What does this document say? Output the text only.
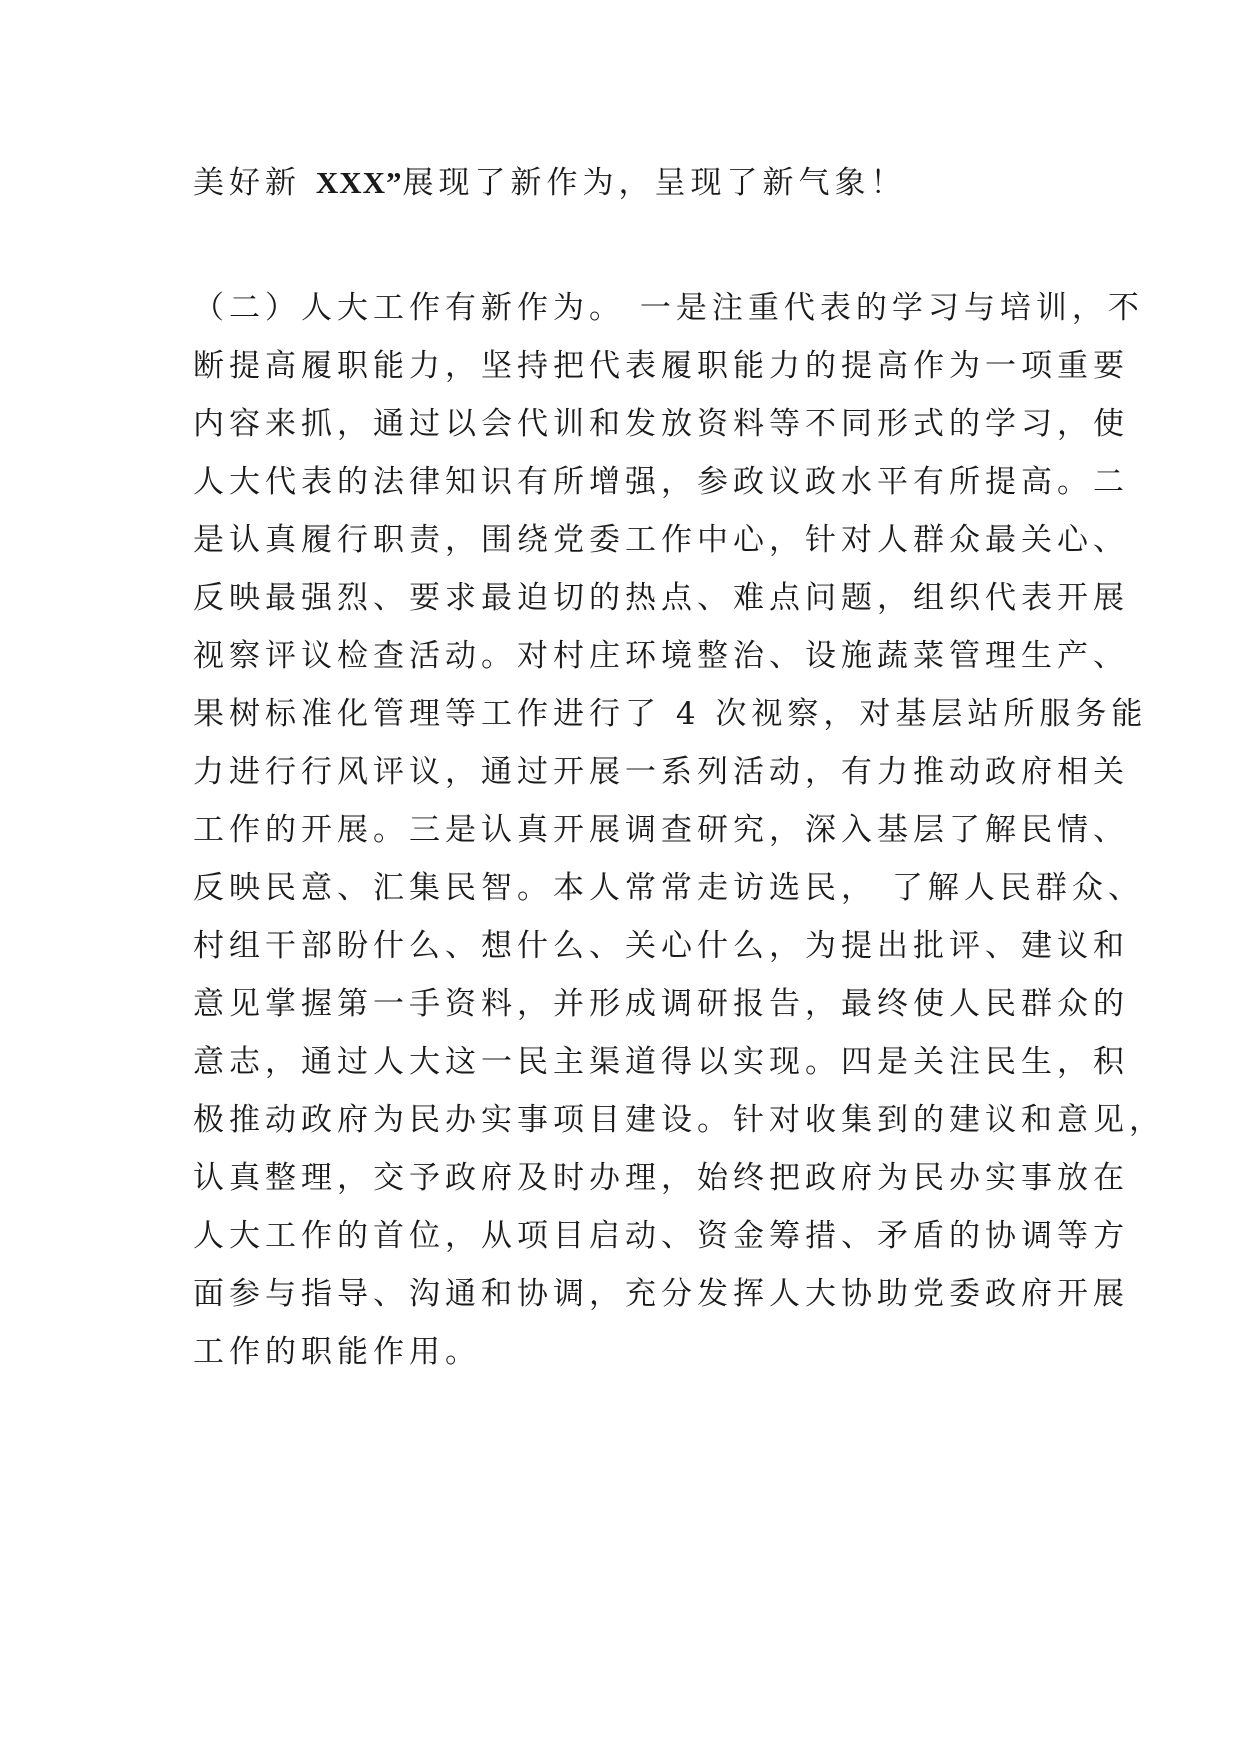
美好新 XXX”展现了新作为，呈现了新气象！
（二）人大工作有新作为。 一是注重代表的学习与培训，不
断提高履职能力，坚持把代表履职能力的提高作为一项重要
内容来抓，通过以会代训和发放资料等不同形式的学习，使
人大代表的法律知识有所增强，参政议政水平有所提高。二
是认真履行职责，围绕党委工作中心，针对人群众最关心、
反映最强烈、要求最迫切的热点、难点问题，组织代表开展
视察评议检查活动。对村庄环境整治、设施蔬菜管理生产、
果树标准化管理等工作进行了 4 次视察，对基层站所服务能
力进行行风评议，通过开展一系列活动，有力推动政府相关
工作的开展。三是认真开展调查研究，深入基层了解民情、
反映民意、汇集民智。本人常常走访选民， 了解人民群众、
村组干部盼什么、想什么、关心什么，为提出批评、建议和
意见掌握第一手资料，并形成调研报告，最终使人民群众的
意志，通过人大这一民主渠道得以实现。四是关注民生，积
极推动政府为民办实事项目建设。针对收集到的建议和意见，
认真整理，交予政府及时办理，始终把政府为民办实事放在
人大工作的首位，从项目启动、资金筹措、矛盾的协调等方
面参与指导、沟通和协调，充分发挥人大协助党委政府开展
工作的职能作用。
